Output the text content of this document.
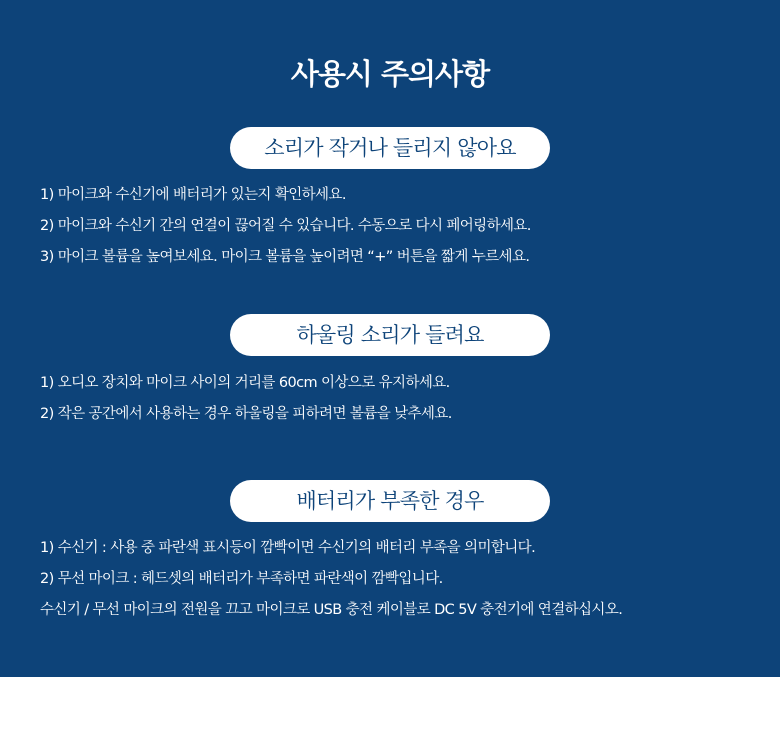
사용시 주의사항
소리가 작거나 들리지 않아요
1) 마이크와 수신기에 배터리가 있는지 확인하세요.
2) 마이크와 수신기 간의 연결이 끊어질 수 있습니다. 수동으로 다시 페어링하세요.
3) 마이크 볼륨을 높여보세요. 마이크 볼륨을 높이려면 “+” 버튼을 짧게 누르세요.
하울링 소리가 들려요
1) 오디오 장치와 마이크 사이의 거리를 60cm 이상으로 유지하세요.
2) 작은 공간에서 사용하는 경우 하울링을 피하려면 볼륨을 낮추세요.
배터리가 부족한 경우
1) 수신기 : 사용 중 파란색 표시등이 깜빡이면 수신기의 배터리 부족을 의미합니다.
2) 무선 마이크 : 헤드셋의 배터리가 부족하면 파란색이 깜빡입니다.
수신기 / 무선 마이크의 전원을 끄고 마이크로 USB 충전 케이블로 DC 5V 충전기에 연결하십시오.
